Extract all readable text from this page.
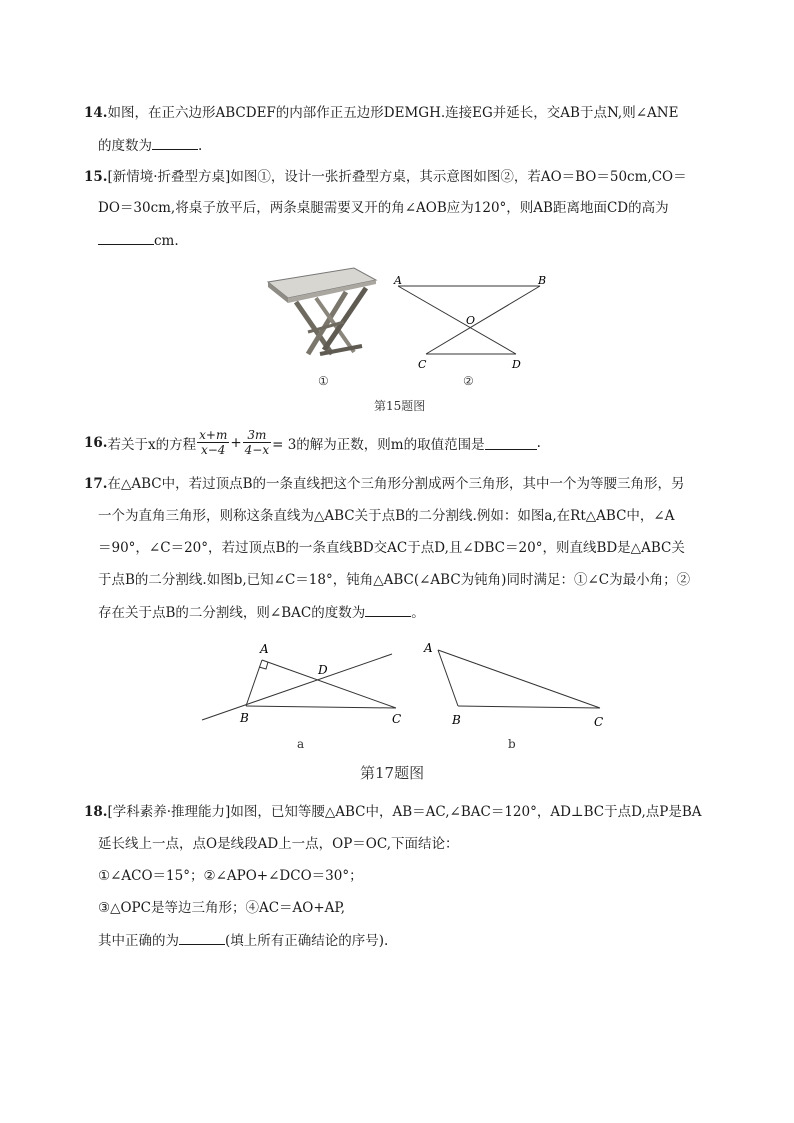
14.如图，在正六边形ABCDEF的内部作正五边形DEMGH.连接EG并延长，交AB于点N,则∠ANE
的度数为	.
15.[新情境·折叠型方桌]如图①，设计一张折叠型方桌，其示意图如图②，若AO＝BO＝50cm,CO＝
DO＝30cm,将桌子放平后，两条桌腿需要叉开的角∠AOB应为120°，则AB距离地面CD的高为
cm.
①
A	B
O
C	D
②
第15题图
16. 若关于x的方程 $\frac{x+m}{x-4} + \frac{3m}{4-x} = 3$的解为正数，则m的取值范围是	.
17.在△ABC中，若过顶点B的一条直线把这个三角形分割成两个三角形，其中一个为等腰三角形，另
一个为直角三角形，则称这条直线为△ABC关于点B的二分割线.例如：如图a,在Rt△ABC中，∠A
＝90°，∠C＝20°，若过顶点B的一条直线BD交AC于点D,且∠DBC＝20°，则直线BD是△ABC关
于点B的二分割线.如图b,已知∠C＝18°，钝角△ABC(∠ABC为钝角)同时满足：①∠C为最小角；②
存在关于点B的二分割线，则∠BAC的度数为	。
A
B	C
D
a
A
B	C
b
第17题图
18.[学科素养·推理能力]如图，已知等腰△ABC中，AB＝AC,∠BAC＝120°，AD⊥BC于点D,点P是BA
延长线上一点，点O是线段AD上一点，OP＝OC,下面结论：
①∠ACO＝15°；②∠APO+∠DCO＝30°；
③△OPC是等边三角形；④AC＝AO+AP,
其中正确的为	(填上所有正确结论的序号).
